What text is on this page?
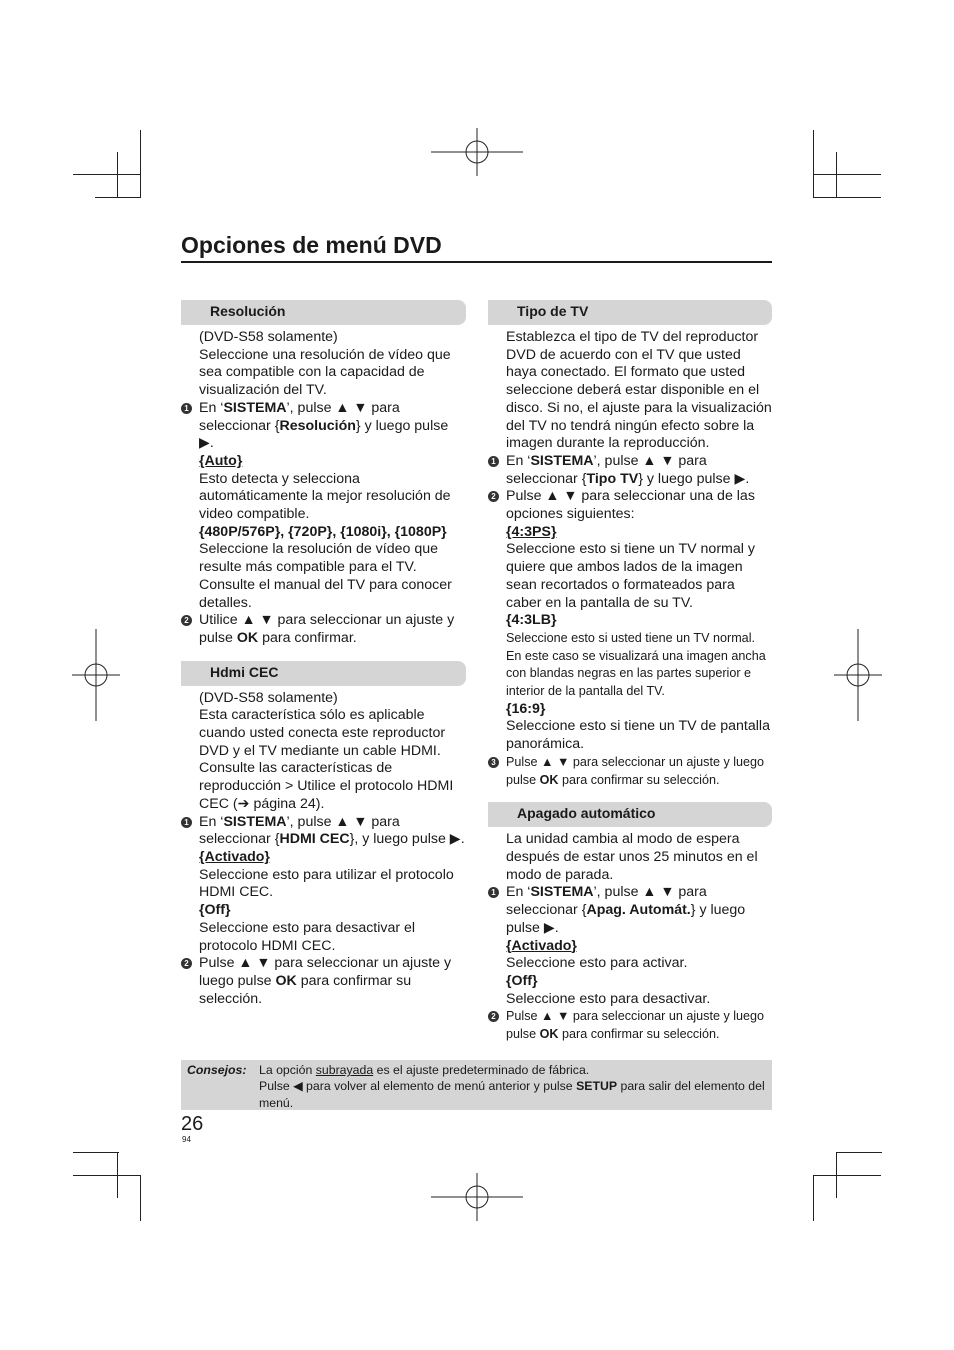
Opciones de menú DVD
Resolución

(DVD-S58 solamente)

Seleccione una resolución de vídeo que sea compatible con la capacidad de visualización del TV.

1 En ‘SISTEMA’, pulse ▲ ▼ para seleccionar {Resolución} y luego pulse ▶.

{Auto}

Esto detecta y selecciona automáticamente la mejor resolución de video compatible.

{480P/576P}, {720P}, {1080i}, {1080P}

Seleccione la resolución de vídeo que resulte más compatible para el TV. Consulte el manual del TV para conocer detalles.

2 Utilice ▲ ▼ para seleccionar un ajuste y pulse OK para confirmar.
Hdmi CEC

(DVD-S58 solamente)

Esta característica sólo es aplicable cuando usted conecta este reproductor DVD y el TV mediante un cable HDMI. Consulte las características de reproducción > Utilice el protocolo HDMI CEC (➔ página 24).

1 En ‘SISTEMA’, pulse ▲ ▼ para seleccionar {HDMI CEC}, y luego pulse ▶.

{Activado}

Seleccione esto para utilizar el protocolo HDMI CEC.

{Off}

Seleccione esto para desactivar el protocolo HDMI CEC.

2 Pulse ▲ ▼ para seleccionar un ajuste y luego pulse OK para confirmar su selección.
Tipo de TV

Establezca el tipo de TV del reproductor DVD de acuerdo con el TV que usted haya conectado. El formato que usted seleccione deberá estar disponible en el disco. Si no, el ajuste para la visualización del TV no tendrá ningún efecto sobre la imagen durante la reproducción.

1 En ‘SISTEMA’, pulse ▲ ▼ para seleccionar {Tipo TV} y luego pulse ▶.
2 Pulse ▲ ▼ para seleccionar una de las opciones siguientes:

{4:3PS}

Seleccione esto si tiene un TV normal y quiere que ambos lados de la imagen sean recortados o formateados para caber en la pantalla de su TV.

{4:3LB}

Seleccione esto si usted tiene un TV normal. En este caso se visualizará una imagen ancha con blandas negras en las partes superior e interior de la pantalla del TV.

{16:9}

Seleccione esto si tiene un TV de pantalla panorámica.

3 Pulse ▲ ▼ para seleccionar un ajuste y luego pulse OK para confirmar su selección.
Apagado automático

La unidad cambia al modo de espera después de estar unos 25 minutos en el modo de parada.

1 En ‘SISTEMA’, pulse ▲ ▼ para seleccionar {Apag. Automát.} y luego pulse ▶.

{Activado}

Seleccione esto para activar.

{Off}

Seleccione esto para desactivar.

2 Pulse ▲ ▼ para seleccionar un ajuste y luego pulse OK para confirmar su selección.
Consejos: La opción subrayada es el ajuste predeterminado de fábrica.
Pulse ◀ para volver al elemento de menú anterior y pulse SETUP para salir del elemento del menú.
26
94
